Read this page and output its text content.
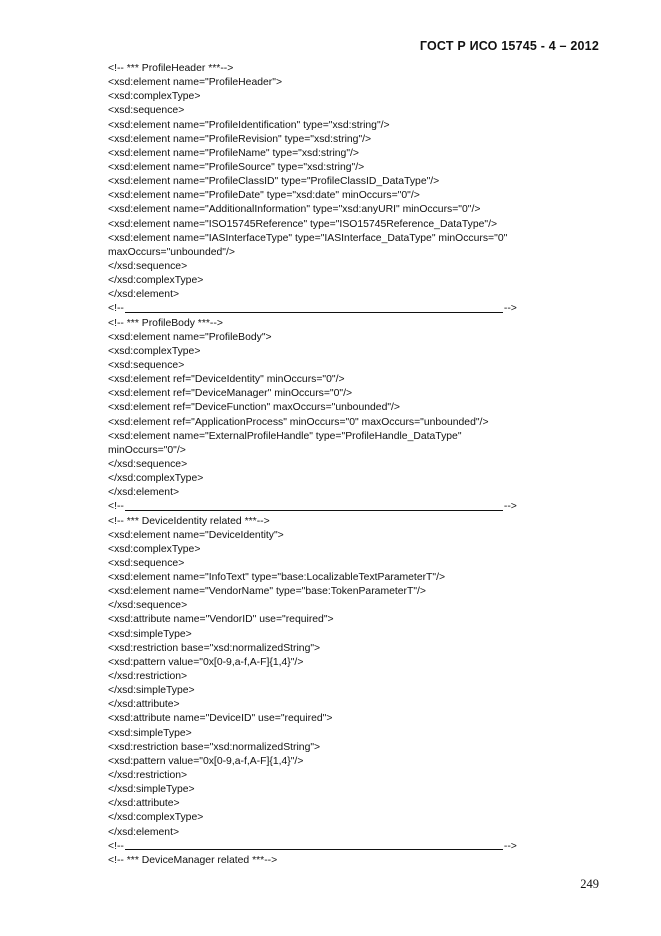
ГОСТ Р ИСО 15745 - 4 – 2012
<!-- *** ProfileHeader ***-->
<xsd:element name="ProfileHeader">
<xsd:complexType>
<xsd:sequence>
<xsd:element name="ProfileIdentification" type="xsd:string"/>
<xsd:element name="ProfileRevision" type="xsd:string"/>
<xsd:element name="ProfileName" type="xsd:string"/>
<xsd:element name="ProfileSource" type="xsd:string"/>
<xsd:element name="ProfileClassID" type="ProfileClassID_DataType"/>
<xsd:element name="ProfileDate" type="xsd:date" minOccurs="0"/>
<xsd:element name="AdditionalInformation" type="xsd:anyURI" minOccurs="0"/>
<xsd:element name="ISO15745Reference" type="ISO15745Reference_DataType"/>
<xsd:element name="IASInterfaceType" type="IASInterface_DataType" minOccurs="0"
maxOccurs="unbounded"/>
</xsd:sequence>
</xsd:complexType>
</xsd:element>
<!--	-->
<!-- *** ProfileBody ***-->
<xsd:element name="ProfileBody">
<xsd:complexType>
<xsd:sequence>
<xsd:element ref="DeviceIdentity" minOccurs="0"/>
<xsd:element ref="DeviceManager" minOccurs="0"/>
<xsd:element ref="DeviceFunction" maxOccurs="unbounded"/>
<xsd:element ref="ApplicationProcess" minOccurs="0" maxOccurs="unbounded"/>
<xsd:element name="ExternalProfileHandle" type="ProfileHandle_DataType"
minOccurs="0"/>
</xsd:sequence>
</xsd:complexType>
</xsd:element>
<!--	-->
<!-- *** DeviceIdentity related ***-->
<xsd:element name="DeviceIdentity">
<xsd:complexType>
<xsd:sequence>
<xsd:element name="InfoText" type="base:LocalizableTextParameterT"/>
<xsd:element name="VendorName" type="base:TokenParameterT"/>
</xsd:sequence>
<xsd:attribute name="VendorID" use="required">
<xsd:simpleType>
<xsd:restriction base="xsd:normalizedString">
<xsd:pattern value="0x[0-9,a-f,A-F]{1,4}"/>
</xsd:restriction>
</xsd:simpleType>
</xsd:attribute>
<xsd:attribute name="DeviceID" use="required">
<xsd:simpleType>
<xsd:restriction base="xsd:normalizedString">
<xsd:pattern value="0x[0-9,a-f,A-F]{1,4}"/>
</xsd:restriction>
</xsd:simpleType>
</xsd:attribute>
</xsd:complexType>
</xsd:element>
<!--	-->
<!-- *** DeviceManager related ***-->
249
